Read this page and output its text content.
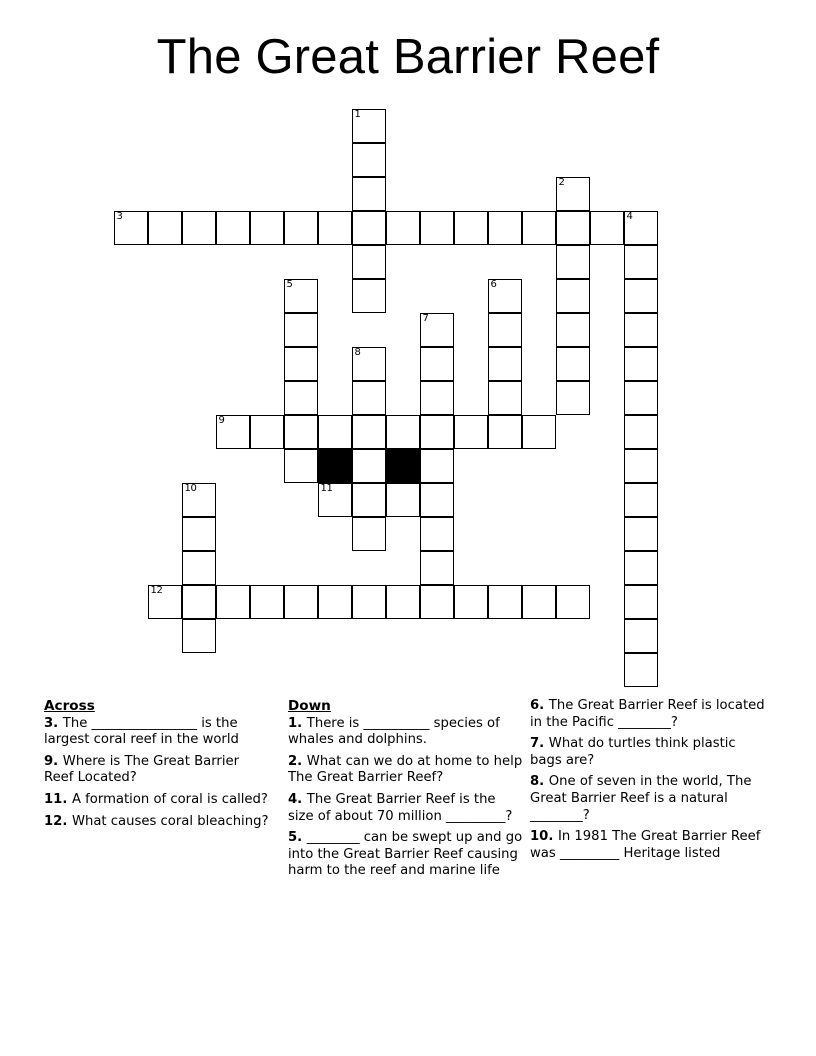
The Great Barrier Reef
1
2
3	4
5	6
7
8
9
10	11
12
Across
3. The ________________ is the largest coral reef in the world
9. Where is The Great Barrier Reef Located?
11. A formation of coral is called?
12. What causes coral bleaching?
Down
1. There is __________ species of whales and dolphins.
2. What can we do at home to help The Great Barrier Reef?
4. The Great Barrier Reef is the size of about 70 million _________?
5. ________ can be swept up and go into the Great Barrier Reef causing harm to the reef and marine life
6. The Great Barrier Reef is located in the Pacific ________?
7. What do turtles think plastic bags are?
8. One of seven in the world, The Great Barrier Reef is a natural ________?
10. In 1981 The Great Barrier Reef was _________ Heritage listed
